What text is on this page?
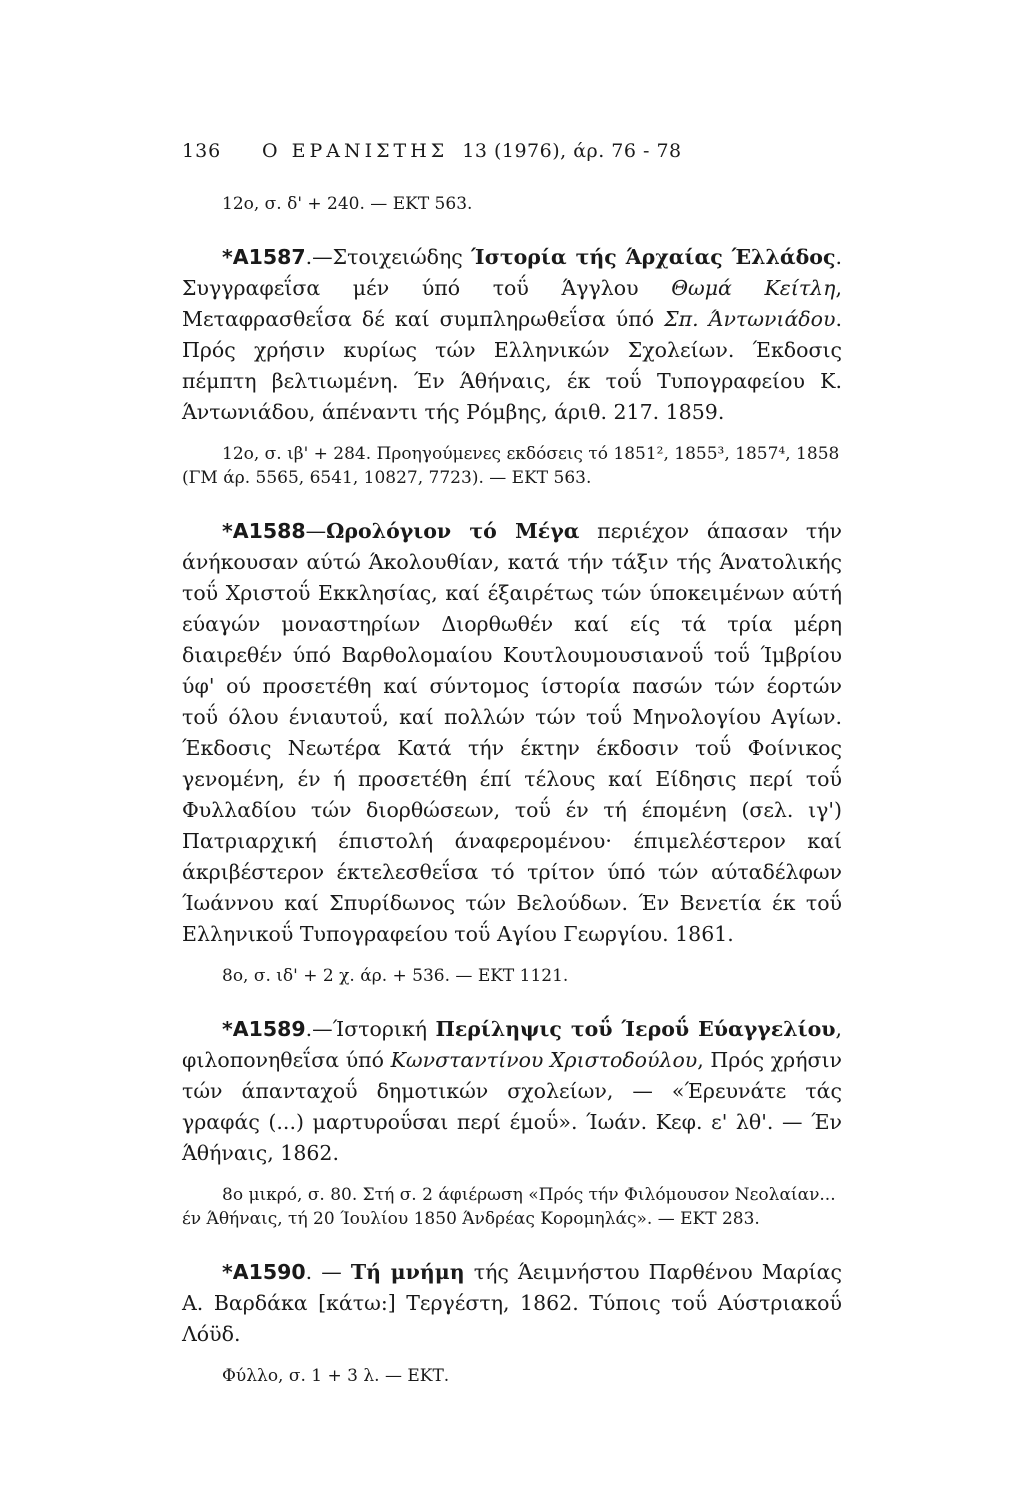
136	Ο ΕΡΑΝΙΣΤΗΣ 13 (1976), άρ. 76 - 78

12ο, σ. δ' + 240. — ΕΚΤ 563.

*A1587.—Στοιχειώδης Ίστορία τής Άρχαίας Έλλάδος. Συγγραφεΐσα μέν ύπό τοΰ Άγγλου Θωμά Κείτλη, Μεταφρασθεΐσα δέ καί συμπληρωθεΐσα ύπό Σπ. Άντωνιάδου. Πρός χρήσιν κυρίως τών Ελληνικών Σχολείων. Έκδοσις πέμπτη βελτιωμένη. Έν Άθήναις, έκ τοΰ Τυπογραφείου Κ. Άντωνιάδου, άπέναντι τής Ρόμβης, άριθ. 217. 1859.

12ο, σ. ιβ' + 284. Προηγούμενες εκδόσεις τό 1851², 1855³, 1857⁴, 1858 (ΓΜ άρ. 5565, 6541, 10827, 7723). — ΕΚΤ 563.

*A1588—Ωρολόγιον τό Μέγα περιέχον άπασαν τήν άνήκουσαν αύτώ Άκολουθίαν, κατά τήν τάξιν τής Άνατολικής τοΰ Χριστοΰ Εκκλησίας, καί έξαιρέτως τών ύποκειμένων αύτή εύαγών μοναστηρίων Διορθωθέν καί είς τά τρία μέρη διαιρεθέν ύπό Βαρθολομαίου Κουτλουμουσιανοΰ τοΰ Ίμβρίου ύφ' ού προσετέθη καί σύντομος ίστορία πασών τών έορτών τοΰ όλου ένιαυτοΰ, καί πολλών τών τοΰ Μηνολογίου Αγίων. Έκδοσις Νεωτέρα Κατά τήν έκτην έκδοσιν τοΰ Φοίνικος γενομένη, έν ή προσετέθη έπί τέλους καί Είδησις περί τοΰ Φυλλαδίου τών διορθώσεων, τοΰ έν τή έπομένη (σελ. ιγ') Πατριαρχική έπιστολή άναφερομένου· έπιμελέστερον καί άκριβέστερον έκτελεσθεΐσα τό τρίτον ύπό τών αύταδέλφων Ίωάννου καί Σπυρίδωνος τών Βελούδων. Έν Βενετία έκ τοΰ Ελληνικοΰ Τυπογραφείου τοΰ Αγίου Γεωργίου. 1861.

8ο, σ. ιδ' + 2 χ. άρ. + 536. — ΕΚΤ 1121.

*A1589.—Ίστορική Περίληψις τοΰ Ίεροΰ Εύαγγελίου, φιλοπονηθεΐσα ύπό Κωνσταντίνου Χριστοδούλου, Πρός χρήσιν τών άπανταχοΰ δημοτικών σχολείων, — «Έρευνάτε τάς γραφάς (...) μαρτυροΰσαι περί έμοΰ». Ίωάν. Κεφ. ε' λθ'. — Έν Άθήναις, 1862.

8ο μικρό, σ. 80. Στή σ. 2 άφιέρωση «Πρός τήν Φιλόμουσον Νεολαίαν... έν Άθήναις, τή 20 Ίουλίου 1850 Άνδρέας Κορομηλάς». — ΕΚΤ 283.

*A1590. — Τή μνήμη τής Άειμνήστου Παρθένου Μαρίας Α. Βαρδάκα [κάτω:] Τεργέστη, 1862. Τύποις τοΰ Αύστριακοΰ Λόϋδ.

Φύλλο, σ. 1 + 3 λ. — ΕΚΤ.
